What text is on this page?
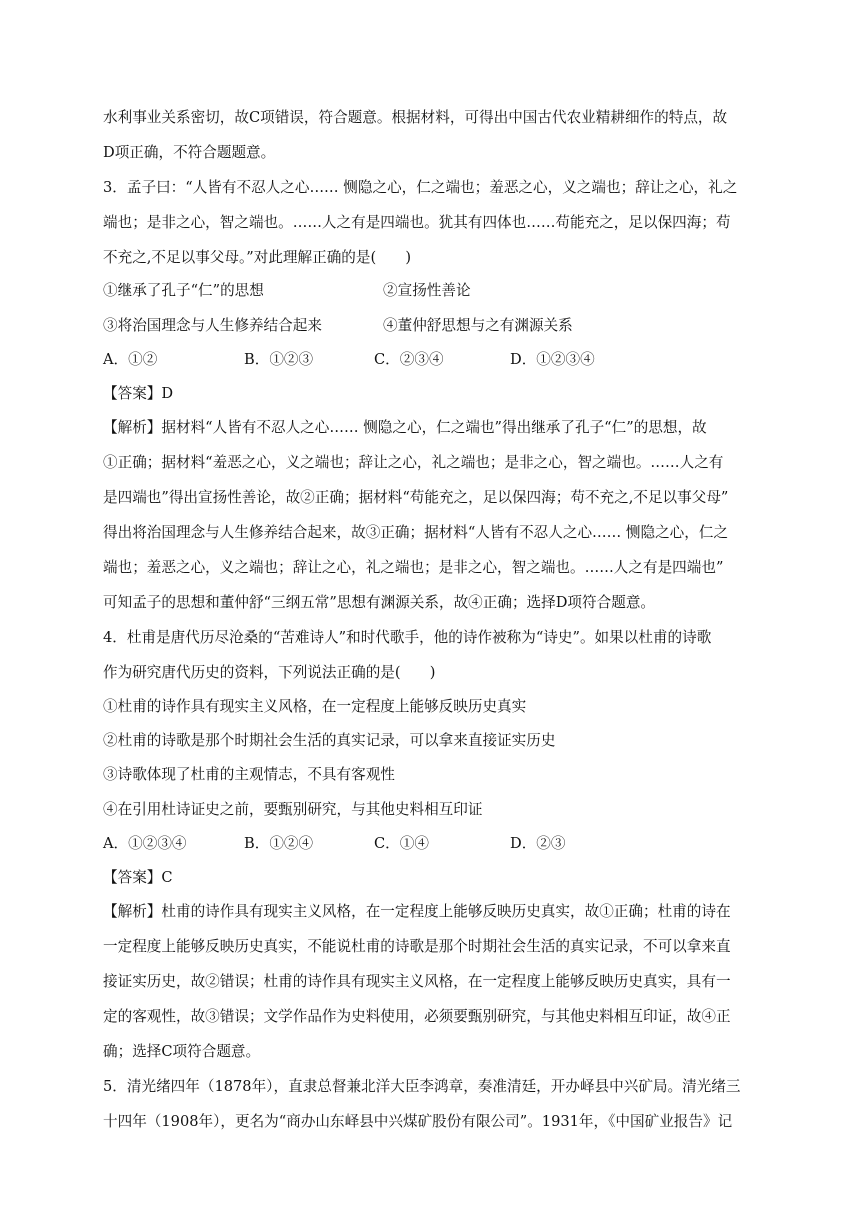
水利事业关系密切，故C项错误，符合题意。根据材料，可得出中国古代农业精耕细作的特点，故
D项正确，不符合题题意。
3．孟子曰：“人皆有不忍人之心…… 恻隐之心，仁之端也；羞恶之心，义之端也；辞让之心，礼之
端也；是非之心，智之端也。……人之有是四端也。犹其有四体也……苟能充之，足以保四海；苟
不充之,不足以事父母。”对此理解正确的是(　　)
①继承了孔子“仁”的思想	②宣扬性善论
③将治国理念与人生修养结合起来	④董仲舒思想与之有渊源关系
A．①②	B．①②③	C．②③④	D．①②③④
【答案】D
【解析】据材料“人皆有不忍人之心…… 恻隐之心，仁之端也”得出继承了孔子“仁”的思想，故
①正确；据材料“羞恶之心，义之端也；辞让之心，礼之端也；是非之心，智之端也。……人之有
是四端也”得出宣扬性善论，故②正确；据材料“苟能充之，足以保四海；苟不充之,不足以事父母”
得出将治国理念与人生修养结合起来，故③正确；据材料“人皆有不忍人之心…… 恻隐之心，仁之
端也；羞恶之心，义之端也；辞让之心，礼之端也；是非之心，智之端也。……人之有是四端也”
可知孟子的思想和董仲舒“三纲五常”思想有渊源关系，故④正确；选择D项符合题意。
4．杜甫是唐代历尽沧桑的“苦难诗人”和时代歌手，他的诗作被称为“诗史”。如果以杜甫的诗歌
作为研究唐代历史的资料，下列说法正确的是(　　)
①杜甫的诗作具有现实主义风格，在一定程度上能够反映历史真实
②杜甫的诗歌是那个时期社会生活的真实记录，可以拿来直接证实历史
③诗歌体现了杜甫的主观情志，不具有客观性
④在引用杜诗证史之前，要甄别研究，与其他史料相互印证
A．①②③④	B．①②④	C．①④	D．②③
【答案】C
【解析】杜甫的诗作具有现实主义风格，在一定程度上能够反映历史真实，故①正确；杜甫的诗在
一定程度上能够反映历史真实，不能说杜甫的诗歌是那个时期社会生活的真实记录，不可以拿来直
接证实历史，故②错误；杜甫的诗作具有现实主义风格，在一定程度上能够反映历史真实，具有一
定的客观性，故③错误；文学作品作为史料使用，必须要甄别研究，与其他史料相互印证，故④正
确；选择C项符合题意。
5．清光绪四年（1878年），直隶总督兼北洋大臣李鸿章，奏准清廷，开办峄县中兴矿局。清光绪三
十四年（1908年），更名为“商办山东峄县中兴煤矿股份有限公司”。1931年，《中国矿业报告》记
